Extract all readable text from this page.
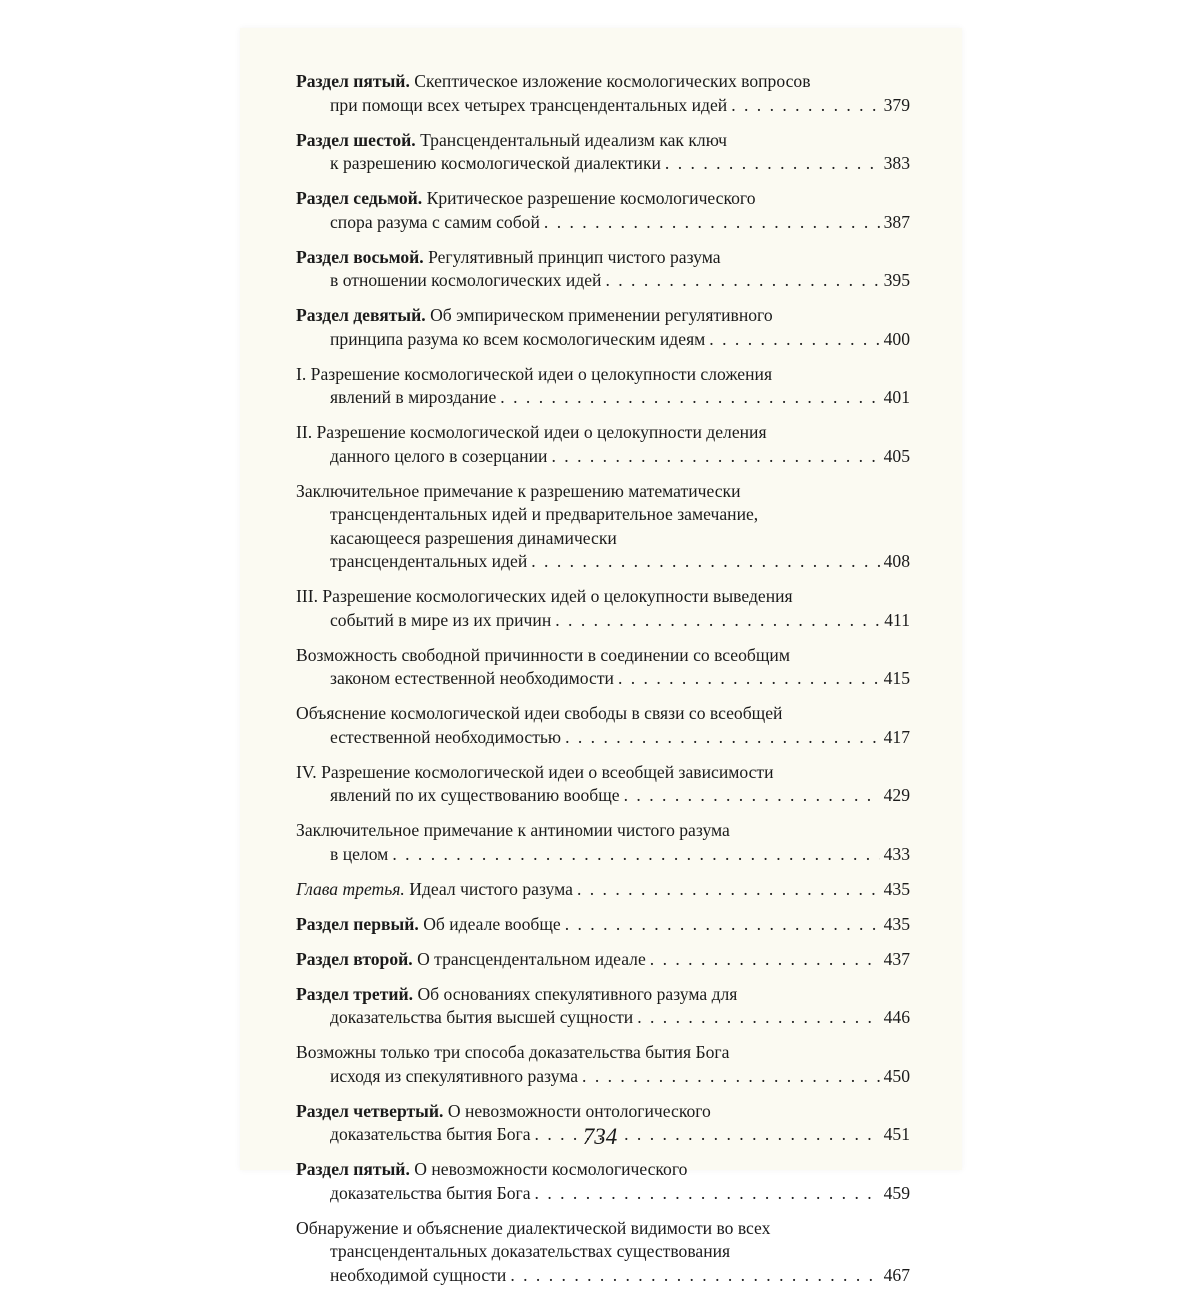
Раздел пятый. Скептическое изложение космологических вопросов
при помощи всех четырех трансцендентальных идей . . .	379
Раздел шестой. Трансцендентальный идеализм как ключ
к разрешению космологической диалектики . . .	383
Раздел седьмой. Критическое разрешение космологического
спора разума с самим собой . . .	387
Раздел восьмой. Регулятивный принцип чистого разума
в отношении космологических идей . . .	395
Раздел девятый. Об эмпирическом применении регулятивного
принципа разума ко всем космологическим идеям . . .	400
I. Разрешение космологической идеи о целокупности сложения
явлений в мироздание . . .	401
II. Разрешение космологической идеи о целокупности деления
данного целого в созерцании . . .	405
Заключительное примечание к разрешению математически
трансцендентальных идей и предварительное замечание,
касающееся разрешения динамически
трансцендентальных идей . . .	408
III. Разрешение космологических идей о целокупности выведения
событий в мире из их причин . . .	411
Возможность свободной причинности в соединении со всеобщим
законом естественной необходимости . . .	415
Объяснение космологической идеи свободы в связи со всеобщей
естественной необходимостью . . .	417
IV. Разрешение космологической идеи о всеобщей зависимости
явлений по их существованию вообще . . .	429
Заключительное примечание к антиномии чистого разума
в целом . . .	433
Глава третья. Идеал чистого разума . . .	435
Раздел первый. Об идеале вообще . . .	435
Раздел второй. О трансцендентальном идеале . . .	437
Раздел третий. Об основаниях спекулятивного разума для
доказательства бытия высшей сущности . . .	446
Возможны только три способа доказательства бытия Бога
исходя из спекулятивного разума . . .	450
Раздел четвертый. О невозможности онтологического
доказательства бытия Бога . . .	451
Раздел пятый. О невозможности космологического
доказательства бытия Бога . . .	459
Обнаружение и объяснение диалектической видимости во всех
трансцендентальных доказательствах существования
необходимой сущности . . .	467
734
